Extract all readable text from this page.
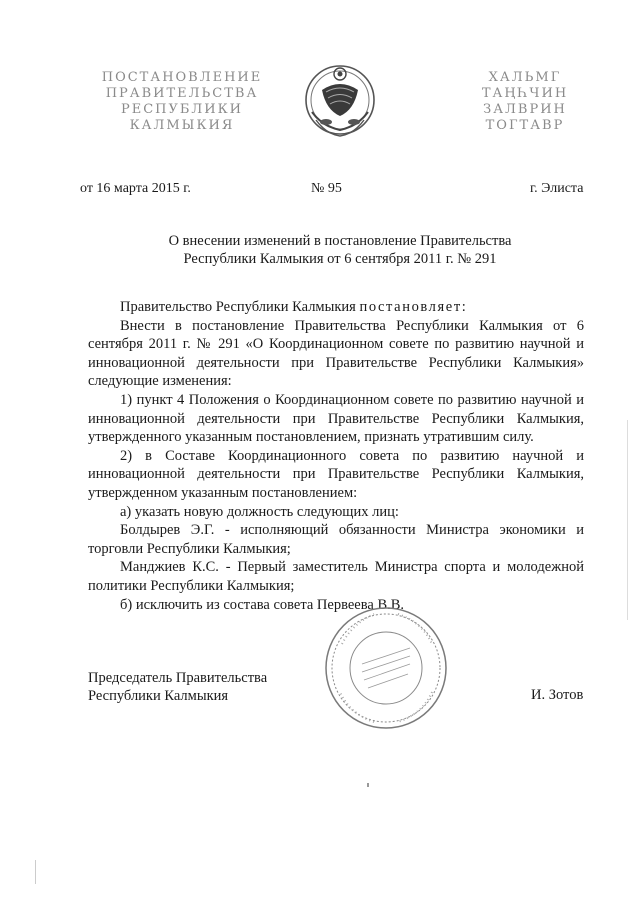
ПОСТАНОВЛЕНИЕ
ПРАВИТЕЛЬСТВА
РЕСПУБЛИКИ
КАЛМЫКИЯ
ХАЛЬМГ
ТАҢҺЧИН
ЗАЛВРИН
ТОГТАВР
от 16 марта 2015 г.	№ 95	г. Элиста
О внесении изменений в постановление Правительства
Республики Калмыкия от 6 сентября 2011 г. № 291

Правительство Республики Калмыкия постановляет:

Внести в постановление Правительства Республики Калмыкия от 6 сентября 2011 г. № 291 «О Координационном совете по развитию научной и инновационной деятельности при Правительстве Республики Калмыкия» следующие изменения:

1) пункт 4 Положения о Координационном совете по развитию научной и инновационной деятельности при Правительстве Республики Калмыкия, утвержденного указанным постановлением, признать утратившим силу.

2) в Составе Координационного совета по развитию научной и инновационной деятельности при Правительстве Республики Калмыкия, утвержденном указанным постановлением:

а) указать новую должность следующих лиц:

Болдырев Э.Г. - исполняющий обязанности Министра экономики и торговли Республики Калмыкия;

Манджиев К.С. - Первый заместитель Министра спорта и молодежной политики Республики Калмыкия;

б) исключить из состава совета Первеева В.В.

Председатель Правительства
Республики Калмыкия	И. Зотов
